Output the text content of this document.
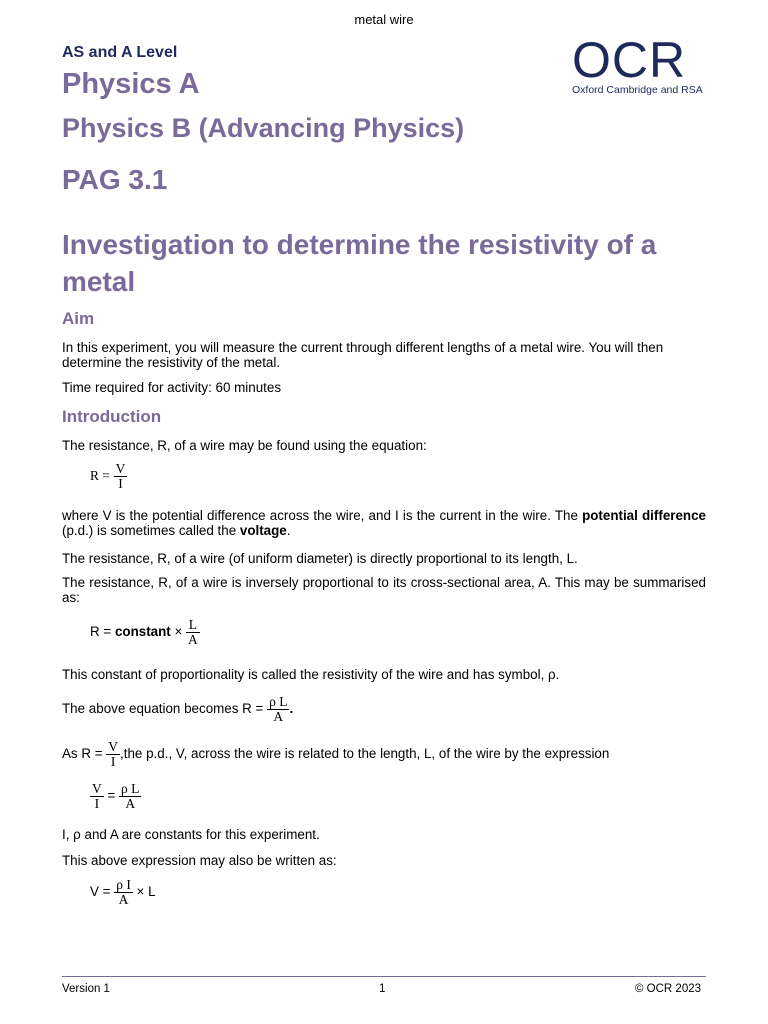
metal wire
OCR
Oxford Cambridge and RSA
AS and A Level
Physics A
Physics B (Advancing Physics)
PAG 3.1
Investigation to determine the resistivity of a metal
Aim
In this experiment, you will measure the current through different lengths of a metal wire. You will then determine the resistivity of the metal.
Time required for activity: 60 minutes
Introduction
The resistance, R, of a wire may be found using the equation:
$R = \frac{V}{I}$
where V is the potential difference across the wire, and I is the current in the wire. The potential difference (p.d.) is sometimes called the voltage.
The resistance, R, of a wire (of uniform diameter) is directly proportional to its length, L.
The resistance, R, of a wire is inversely proportional to its cross-sectional area, A. This may be summarised as:
R = constant × $\frac{L}{A}$
This constant of proportionality is called the resistivity of the wire and has symbol, ρ.
The above equation becomes $R = \frac{\text{ρ L}}{A}$ .
As $R = \frac{V}{I} ,the$ p.d., V, across the wire is related to the length, L, of the wire by the expression
$\frac{V}{I} = \frac{\text{ρ L}}{A}$
I, ρ and A are constants for this experiment.
This above expression may also be written as:
$V = \frac{\text{ρ I}}{A} \times L$
Version 1	1	© OCR 2023
